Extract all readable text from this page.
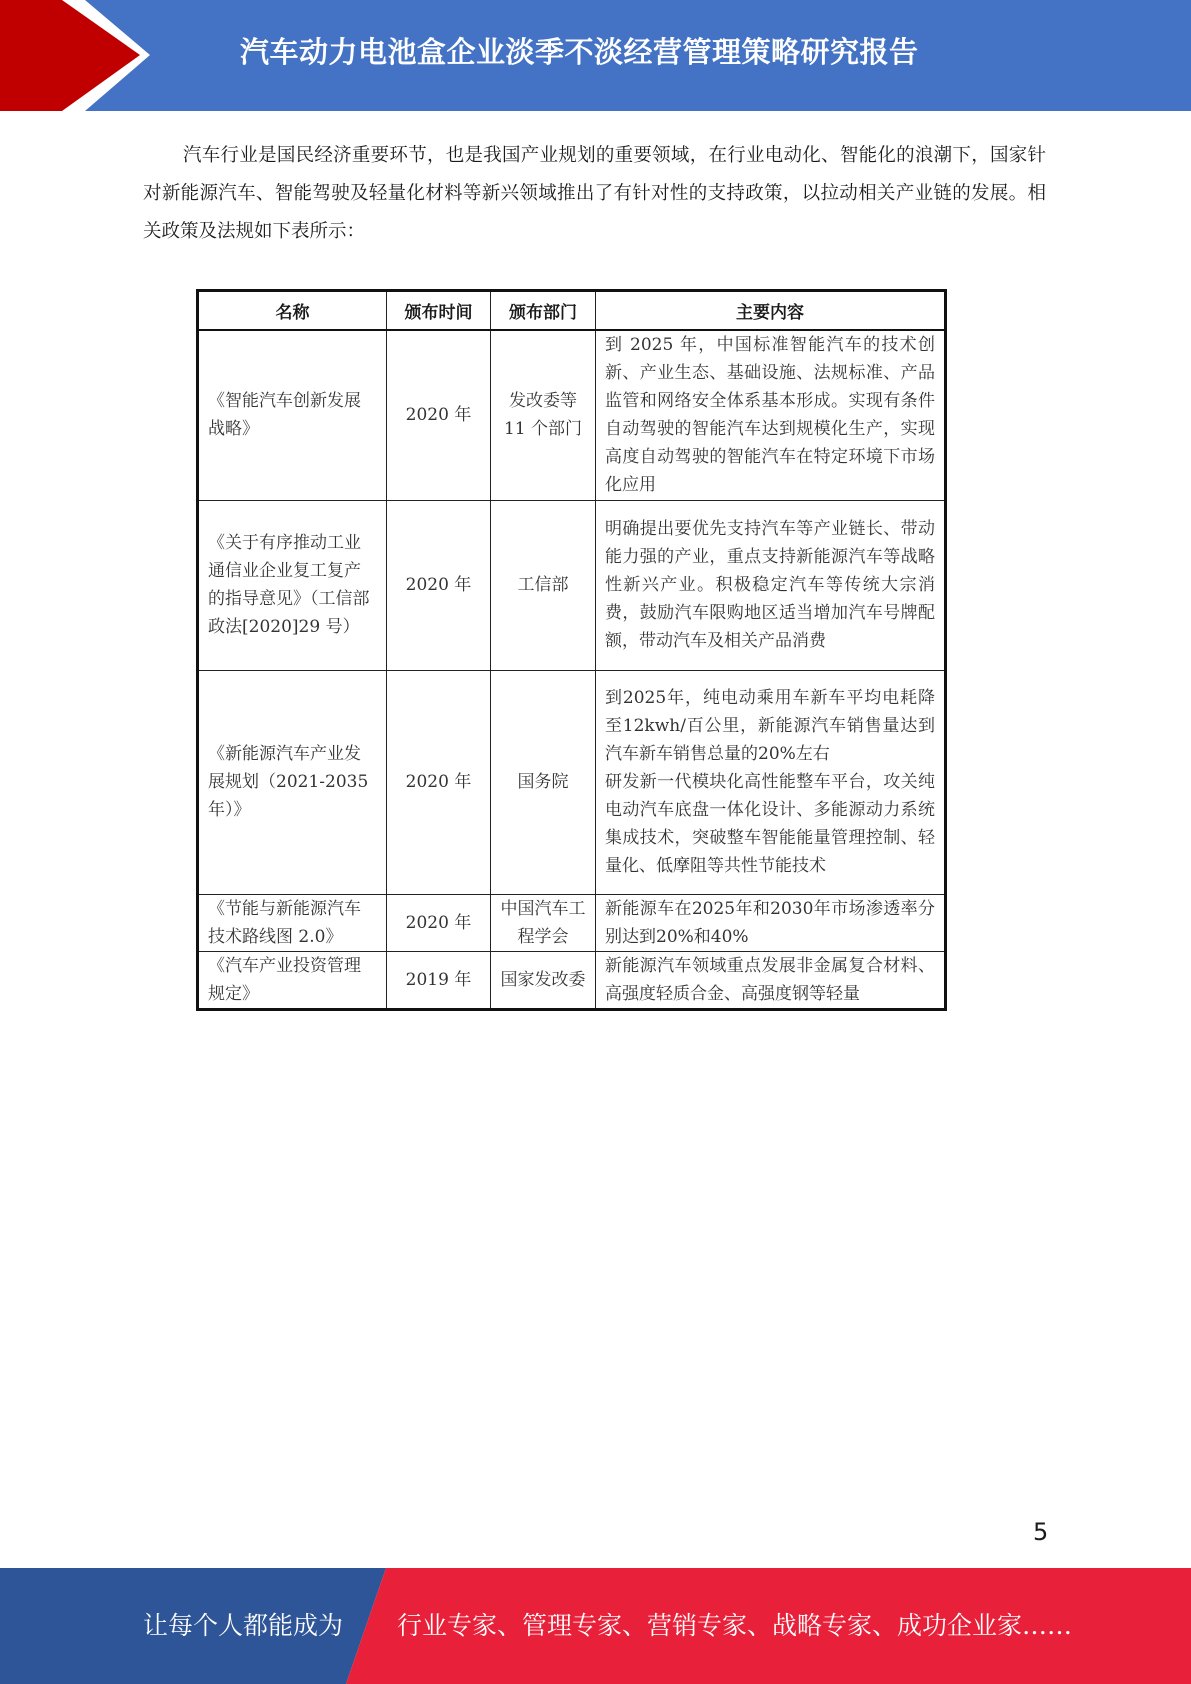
汽车动力电池盒企业淡季不淡经营管理策略研究报告

汽车行业是国民经济重要环节，也是我国产业规划的重要领域，在行业电动化、智能化的浪潮下，国家针对新能源汽车、智能驾驶及轻量化材料等新兴领域推出了有针对性的支持政策，以拉动相关产业链的发展。相关政策及法规如下表所示：

名称	颁布时间	颁布部门	主要内容
《智能汽车创新发展战略》	2020 年	发改委等 11 个部门	到 2025 年，中国标准智能汽车的技术创新、产业生态、基础设施、法规标准、产品监管和网络安全体系基本形成。实现有条件自动驾驶的智能汽车达到规模化生产，实现高度自动驾驶的智能汽车在特定环境下市场化应用
《关于有序推动工业通信业企业复工复产的指导意见》（工信部政法[2020]29 号）	2020 年	工信部	明确提出要优先支持汽车等产业链长、带动能力强的产业，重点支持新能源汽车等战略性新兴产业。积极稳定汽车等传统大宗消费，鼓励汽车限购地区适当增加汽车号牌配额，带动汽车及相关产品消费
《新能源汽车产业发展规划（2021-2035 年）》	2020 年	国务院	到2025年，纯电动乘用车新车平均电耗降至12kwh/百公里，新能源汽车销售量达到汽车新车销售总量的20%左右
研发新一代模块化高性能整车平台，攻关纯电动汽车底盘一体化设计、多能源动力系统集成技术，突破整车智能能量管理控制、轻量化、低摩阻等共性节能技术

《节能与新能源汽车技术路线图 2.0》	2020 年	中国汽车工程学会	新能源车在2025年和2030年市场渗透率分别达到20%和40%
《汽车产业投资管理规定》	2019 年	国家发改委	新能源汽车领域重点发展非金属复合材料、高强度轻质合金、高强度钢等轻量
5
让每个人都能成为 行业专家、管理专家、营销专家、战略专家、成功企业家……
